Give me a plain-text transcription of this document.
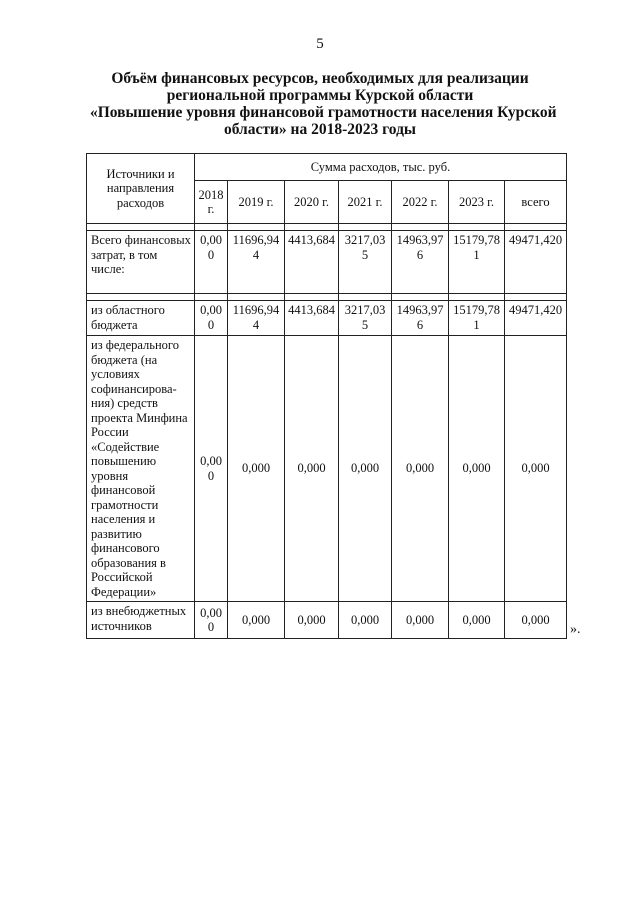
5
Объём финансовых ресурсов, необходимых для реализации
региональной программы Курской области
«Повышение уровня финансовой грамотности населения Курской
области» на 2018-2023 годы
Источники и направления расходов	Сумма расходов, тыс. руб.						
	2018 г.	2019 г.	2020 г.	2021 г.	2022 г.	2023 г.	всего

Всего финансовых затрат, в том числе:	0,000	11696,944	4413,684	3217,035	14963,976	15179,781	49471,420

из областного бюджета	0,000	11696,944	4413,684	3217,035	14963,976	15179,781	49471,420
из федерального бюджета (на условиях софинансирова-ния) средств проекта Минфина России «Содействие повышению уровня финансовой грамотности населения и развитию финансового образования в Российской Федерации»	0,000	0,000	0,000	0,000	0,000	0,000	0,000
из внебюджетных источников	0,000	0,000	0,000	0,000	0,000	0,000	0,000
».
